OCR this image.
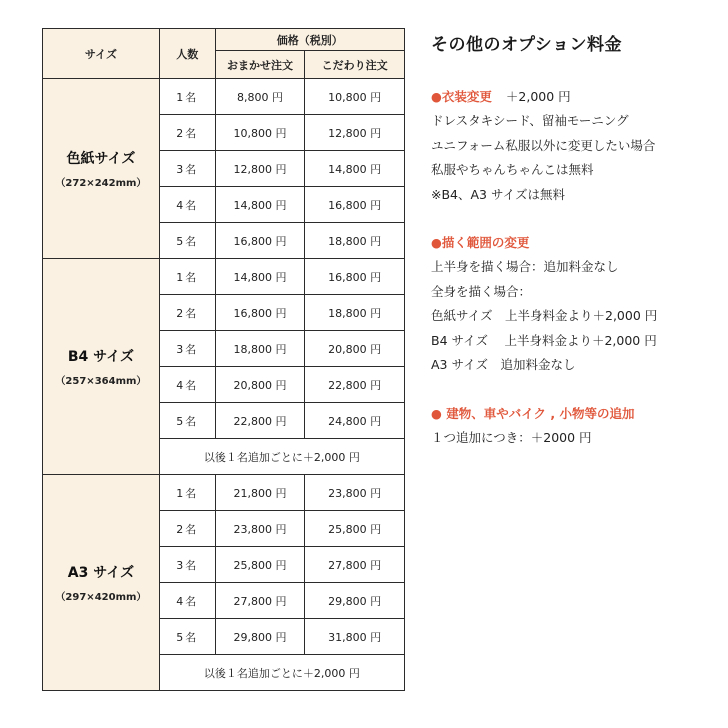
サイズ	人数	価格（税別）	
		おまかせ注文	こだわり注文

色紙サイズ
（272×242mm）	1名	8,800 円	10,800 円
	2名	10,800 円	12,800 円
	3名	12,800 円	14,800 円
	4名	14,800 円	16,800 円
	5名	16,800 円	18,800 円

B4 サイズ
（257×364mm）	1名	14,800 円	16,800 円
	2名	16,800 円	18,800 円
	3名	18,800 円	20,800 円
	4名	20,800 円	22,800 円
	5名	22,800 円	24,800 円
	以後１名追加ごとに＋2,000 円		

A3 サイズ
（297×420mm）	1名	21,800 円	23,800 円
	2名	23,800 円	25,800 円
	3名	25,800 円	27,800 円
	4名	27,800 円	29,800 円
	5名	29,800 円	31,800 円
	以後１名追加ごとに＋2,000 円		
その他のオプション料金
●衣装変更 ＋2,000 円
ドレスタキシード、留袖モーニング
ユニフォーム私服以外に変更したい場合
私服やちゃんちゃんこは無料
※B4、A3 サイズは無料
●描く範囲の変更
上半身を描く場合：追加料金なし
全身を描く場合：
色紙サイズ　上半身料金より＋2,000 円
B4 サイズ　 上半身料金より＋2,000 円
A3 サイズ　追加料金なし
● 建物、車やバイク , 小物等の追加
１つ追加につき：＋2000 円
